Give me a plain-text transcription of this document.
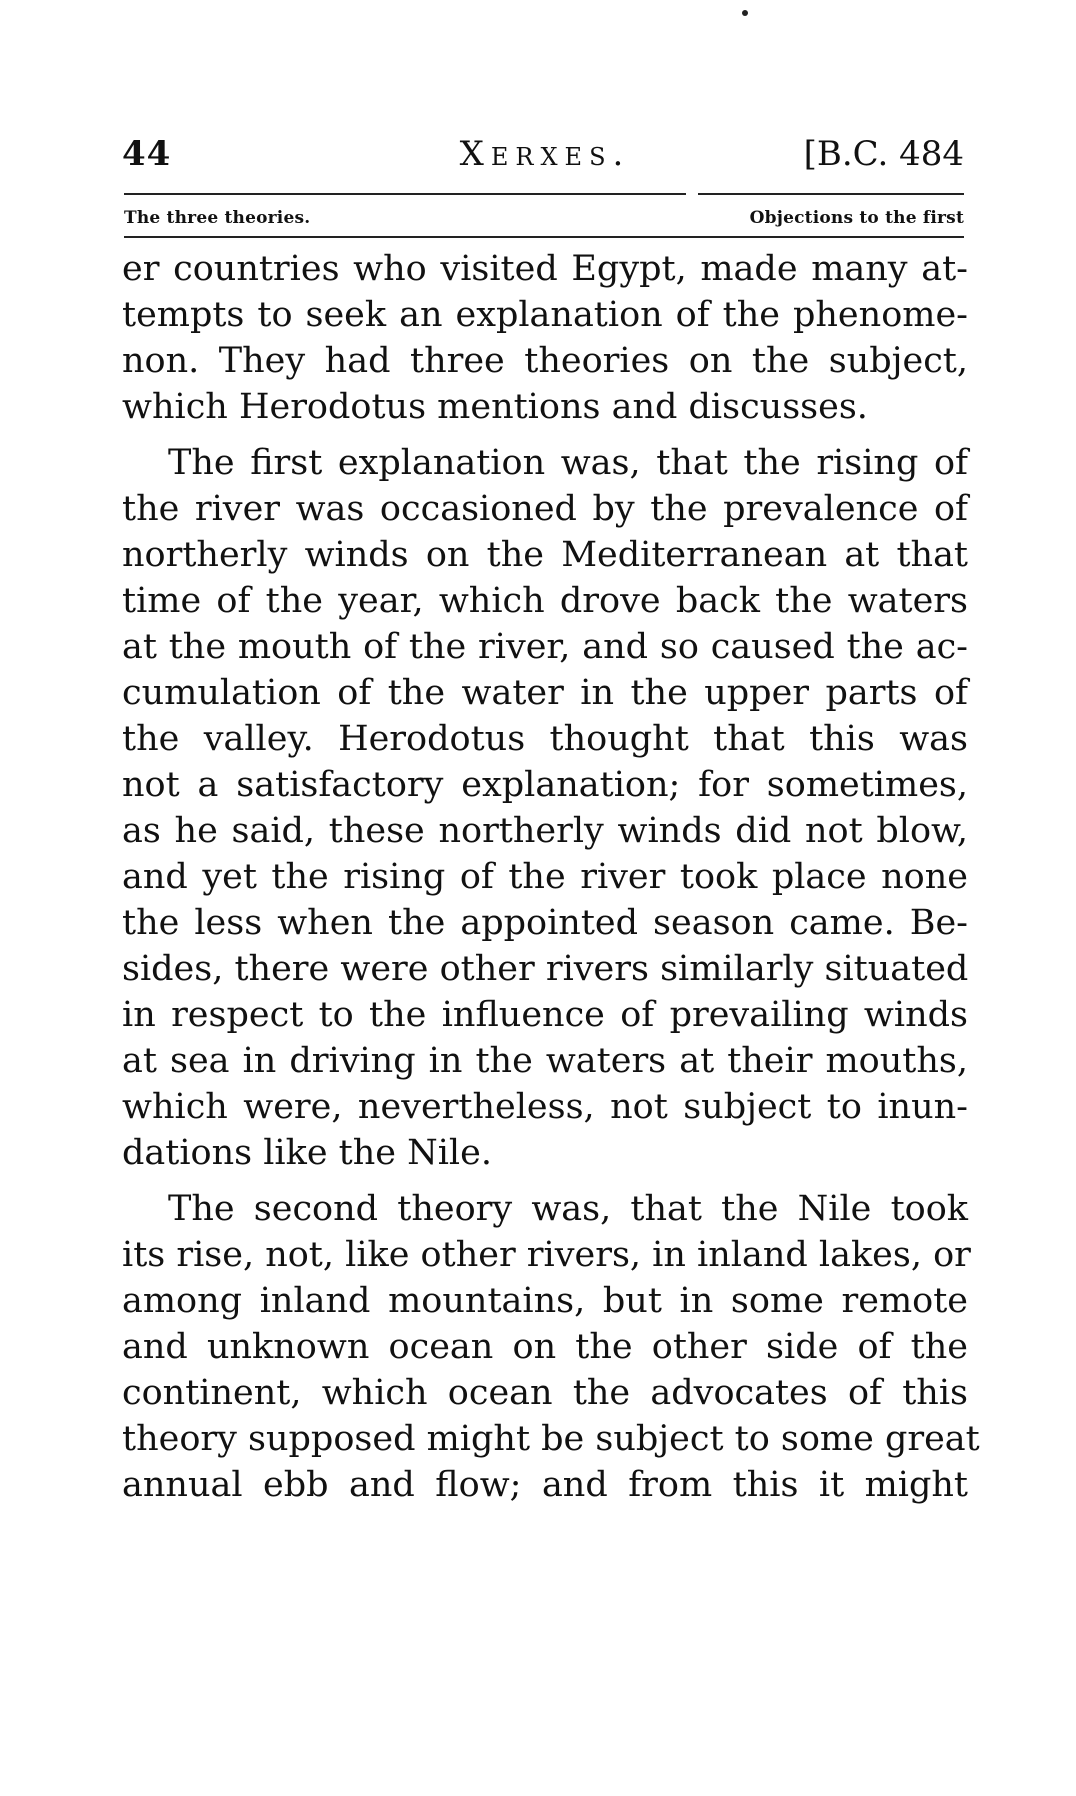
44	Xerxes.	[B.C. 484
The three theories.	Objections to the first
er countries who visited Egypt, made many at-
tempts to seek an explanation of the phenome-
non. They had three theories on the subject,
which Herodotus mentions and discusses.
The first explanation was, that the rising of
the river was occasioned by the prevalence of
northerly winds on the Mediterranean at that
time of the year, which drove back the waters
at the mouth of the river, and so caused the ac-
cumulation of the water in the upper parts of
the valley. Herodotus thought that this was
not a satisfactory explanation; for sometimes,
as he said, these northerly winds did not blow,
and yet the rising of the river took place none
the less when the appointed season came. Be-
sides, there were other rivers similarly situated
in respect to the influence of prevailing winds
at sea in driving in the waters at their mouths,
which were, nevertheless, not subject to inun-
dations like the Nile.
The second theory was, that the Nile took
its rise, not, like other rivers, in inland lakes, or
among inland mountains, but in some remote
and unknown ocean on the other side of the
continent, which ocean the advocates of this
theory supposed might be subject to some great
annual ebb and flow; and from this it might
